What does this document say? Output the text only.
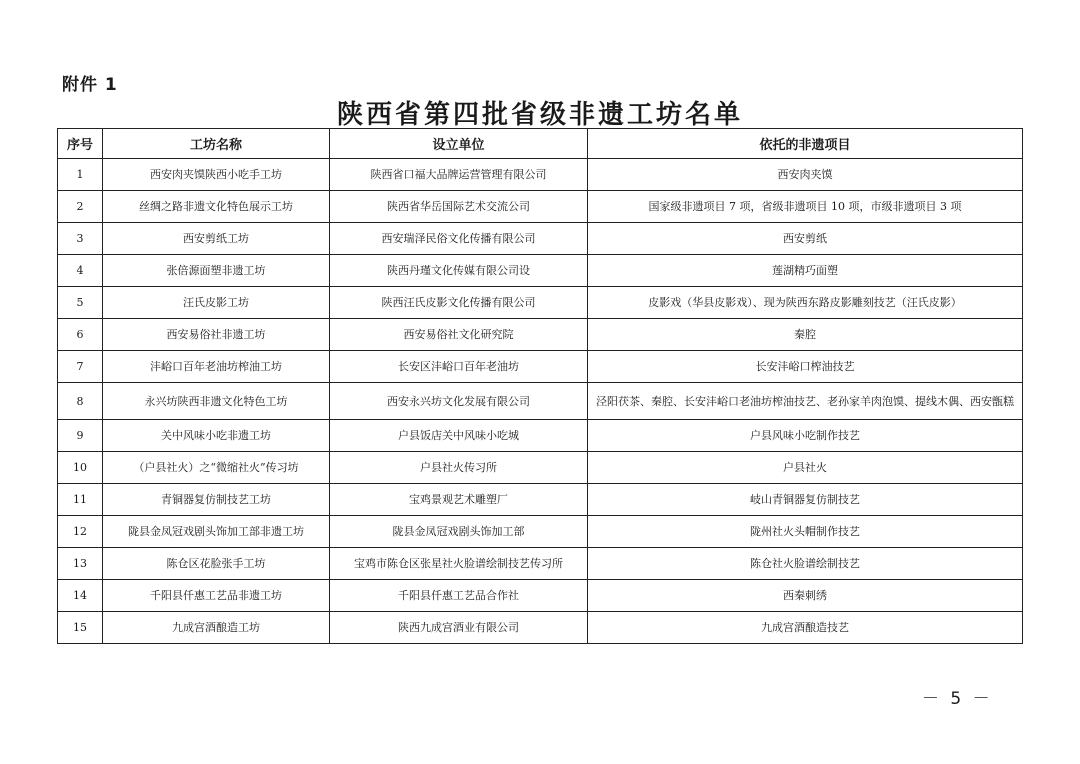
附件 1
陕西省第四批省级非遗工坊名单
序号	工坊名称	设立单位	依托的非遗项目
1	西安肉夹馍陕西小吃手工坊	陕西省口福大品牌运营管理有限公司	西安肉夹馍
2	丝绸之路非遗文化特色展示工坊	陕西省华岳国际艺术交流公司	国家级非遗项目 7 项，省级非遗项目 10 项，市级非遗项目 3 项
3	西安剪纸工坊	西安瑞泽民俗文化传播有限公司	西安剪纸
4	张倍源面塑非遗工坊	陕西丹瑾文化传媒有限公司设	莲湖精巧面塑
5	汪氏皮影工坊	陕西汪氏皮影文化传播有限公司	皮影戏（华县皮影戏）、现为陕西东路皮影雕刻技艺（汪氏皮影）
6	西安易俗社非遗工坊	西安易俗社文化研究院	秦腔
7	沣峪口百年老油坊榨油工坊	长安区沣峪口百年老油坊	长安沣峪口榨油技艺
8	永兴坊陕西非遗文化特色工坊	西安永兴坊文化发展有限公司	泾阳茯茶、秦腔、长安沣峪口老油坊榨油技艺、老孙家羊肉泡馍、提线木偶、西安甑糕
9	关中风味小吃非遗工坊	户县饭店关中风味小吃城	户县风味小吃制作技艺
10	（户县社火）之“微缩社火”传习坊	户县社火传习所	户县社火
11	青铜器复仿制技艺工坊	宝鸡景观艺术雕塑厂	岐山青铜器复仿制技艺
12	陇县金凤冠戏剧头饰加工部非遗工坊	陇县金凤冠戏剧头饰加工部	陇州社火头帽制作技艺
13	陈仓区花脸张手工坊	宝鸡市陈仓区张星社火脸谱绘制技艺传习所	陈仓社火脸谱绘制技艺
14	千阳县仟惠工艺品非遗工坊	千阳县仟惠工艺品合作社	西秦刺绣
15	九成宫酒酿造工坊	陕西九成宫酒业有限公司	九成宫酒酿造技艺
－ 5 －
